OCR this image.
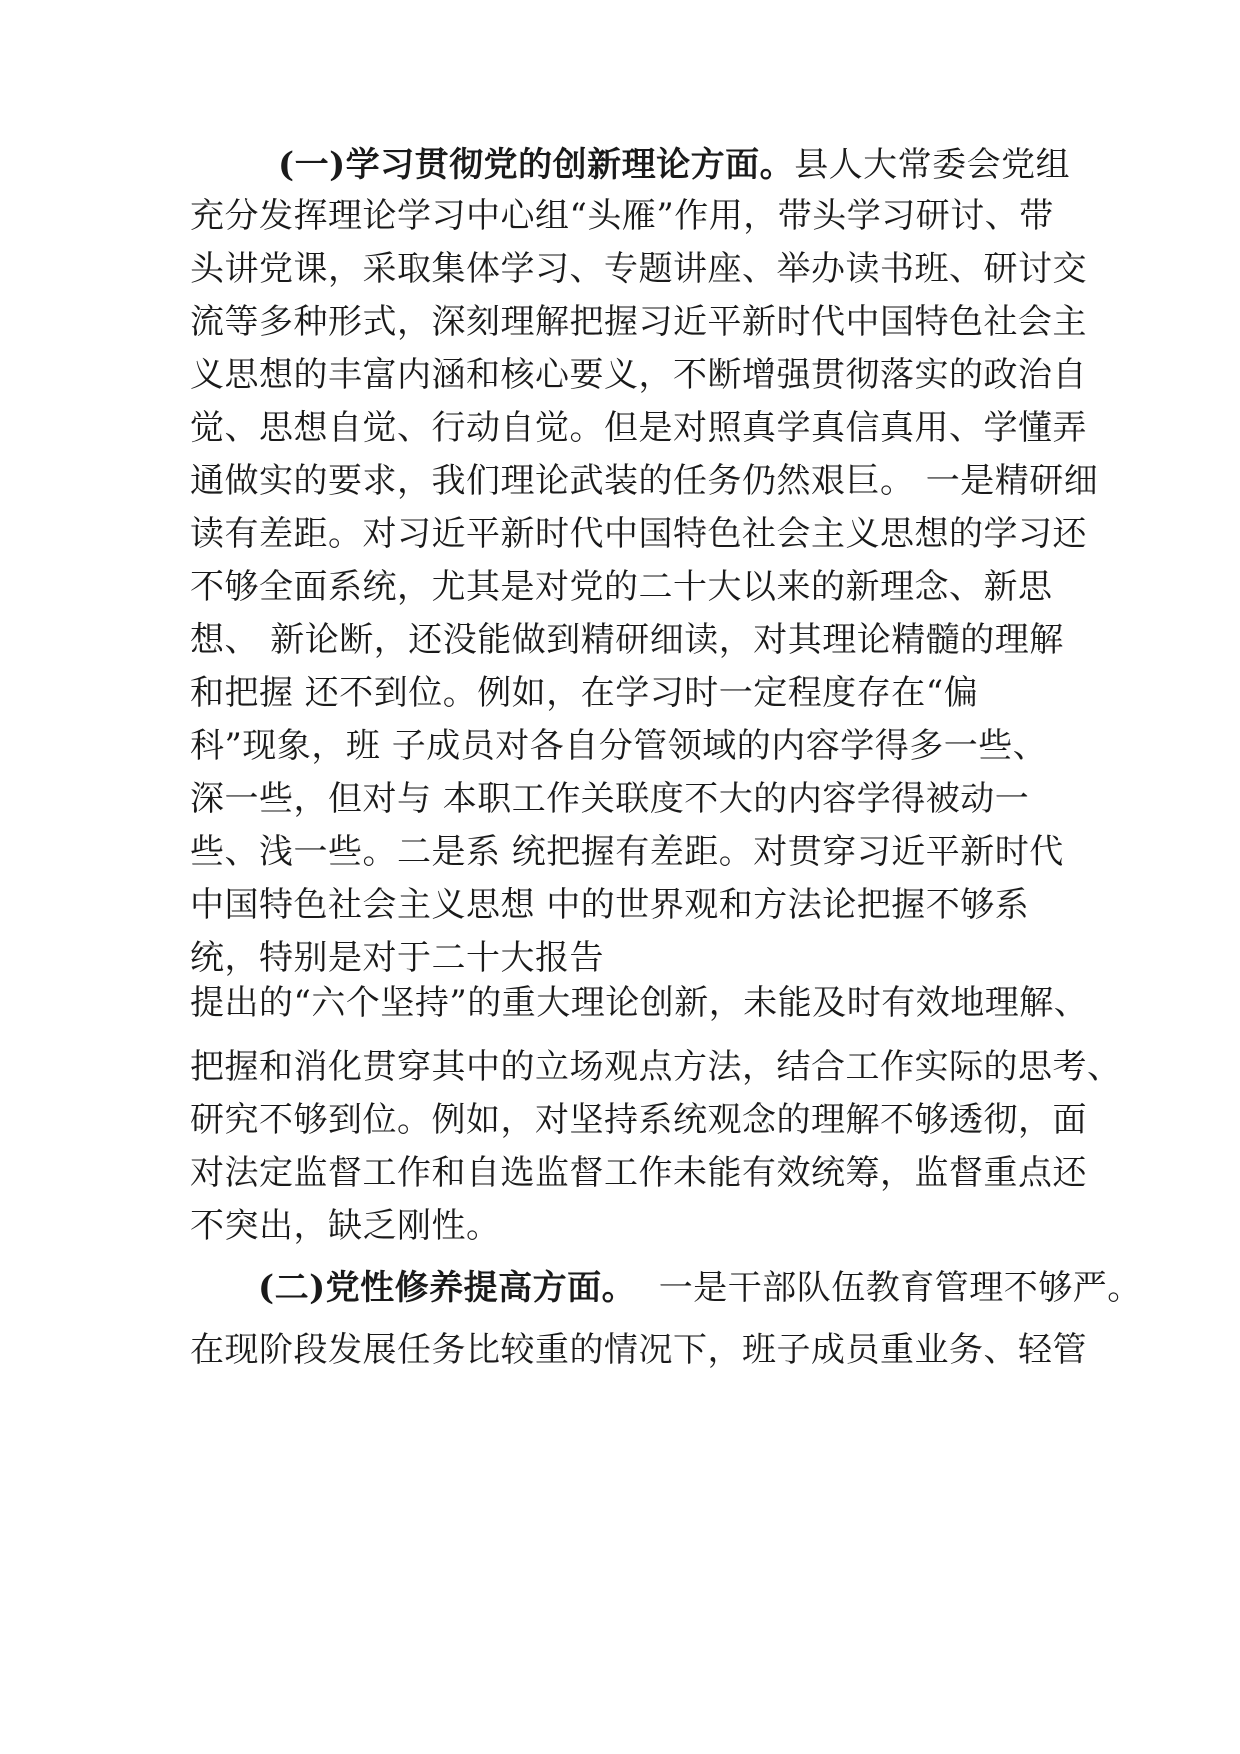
(一)学习贯彻党的创新理论方面。县人大常委会党组
充分发挥理论学习中心组“头雁”作用，带头学习研讨、带
头讲党课，采取集体学习、专题讲座、举办读书班、研讨交
流等多种形式，深刻理解把握习近平新时代中国特色社会主
义思想的丰富内涵和核心要义，不断增强贯彻落实的政治自
觉、思想自觉、行动自觉。但是对照真学真信真用、学懂弄
通做实的要求，我们理论武装的任务仍然艰巨。 一是精研细
读有差距。对习近平新时代中国特色社会主义思想的学习还
不够全面系统，尤其是对党的二十大以来的新理念、新思
想、 新论断，还没能做到精研细读，对其理论精髓的理解
和把握 还不到位。例如，在学习时一定程度存在“偏
科”现象，班 子成员对各自分管领域的内容学得多一些、
深一些，但对与 本职工作关联度不大的内容学得被动一
些、浅一些。二是系 统把握有差距。对贯穿习近平新时代
中国特色社会主义思想 中的世界观和方法论把握不够系
统，特别是对于二十大报告
提出的“六个坚持”的重大理论创新，未能及时有效地理解、
把握和消化贯穿其中的立场观点方法，结合工作实际的思考、
研究不够到位。例如，对坚持系统观念的理解不够透彻，面
对法定监督工作和自选监督工作未能有效统筹，监督重点还
不突出，缺乏刚性。
(二)党性修养提高方面。  一是干部队伍教育管理不够严。
在现阶段发展任务比较重的情况下，班子成员重业务、轻管
